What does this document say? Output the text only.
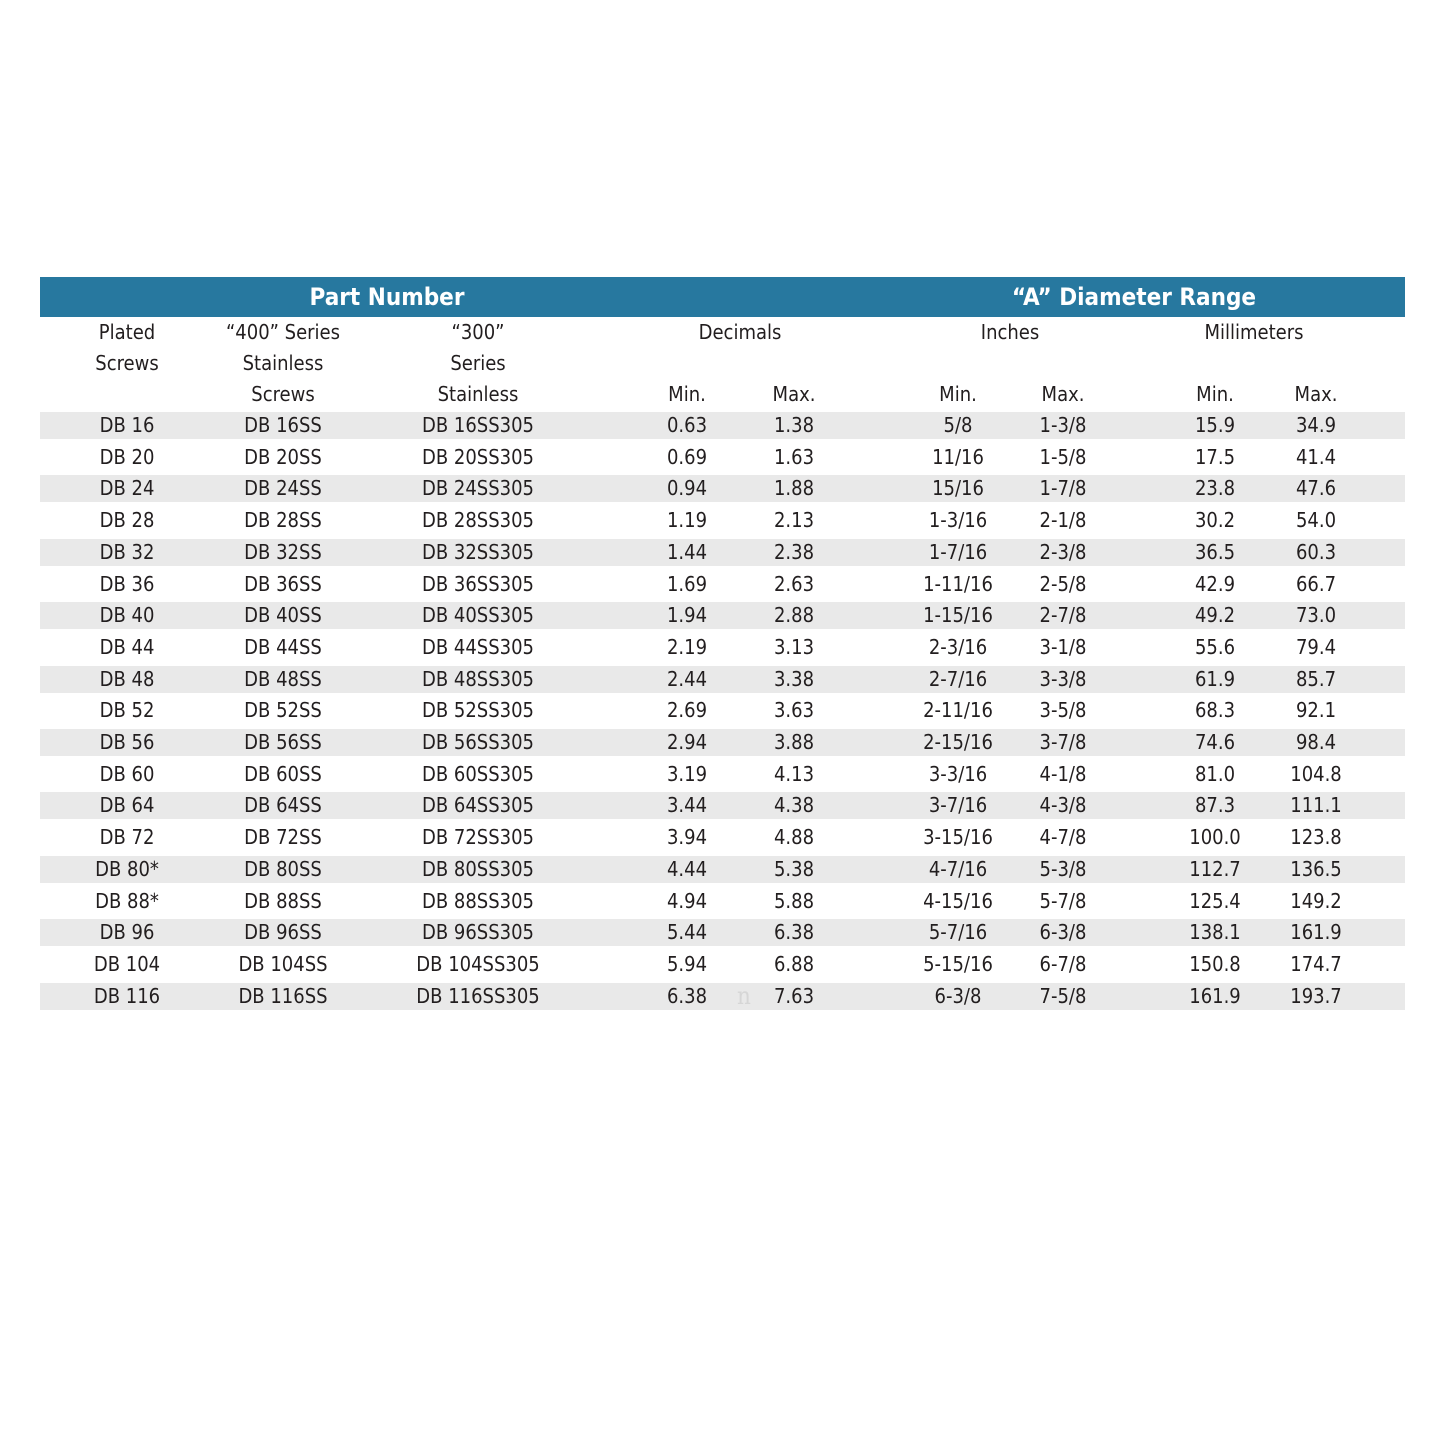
Part Number	“A” Diameter Range
Plated	“400” Series	“300”	Decimals	Inches	Millimeters
Screws	Stainless	Series
Screws	Stainless	Min.	Max.	Min.	Max.	Min.	Max.
DB 16	DB 16SS	DB 16SS305	0.63	1.38	5/8	1-3/8	15.9	34.9
DB 20	DB 20SS	DB 20SS305	0.69	1.63	11/16	1-5/8	17.5	41.4
DB 24	DB 24SS	DB 24SS305	0.94	1.88	15/16	1-7/8	23.8	47.6
DB 28	DB 28SS	DB 28SS305	1.19	2.13	1-3/16	2-1/8	30.2	54.0
DB 32	DB 32SS	DB 32SS305	1.44	2.38	1-7/16	2-3/8	36.5	60.3
DB 36	DB 36SS	DB 36SS305	1.69	2.63	1-11/16 2-5/8	42.9	66.7
DB 40	DB 40SS	DB 40SS305	1.94	2.88	1-15/16 2-7/8	49.2	73.0
DB 44	DB 44SS	DB 44SS305	2.19	3.13	2-3/16	3-1/8	55.6	79.4
DB 48	DB 48SS	DB 48SS305	2.44	3.38	2-7/16	3-3/8	61.9	85.7
DB 52	DB 52SS	DB 52SS305	2.69	3.63	2-11/16 3-5/8	68.3	92.1
DB 56	DB 56SS	DB 56SS305	2.94	3.88	2-15/16 3-7/8	74.6	98.4
DB 60	DB 60SS	DB 60SS305	3.19	4.13	3-3/16	4-1/8	81.0	104.8
DB 64	DB 64SS	DB 64SS305	3.44	4.38	3-7/16	4-3/8	87.3	111.1
DB 72	DB 72SS	DB 72SS305	3.94	4.88	3-15/16 4-7/8	100.0 123.8
DB 80*	DB 80SS	DB 80SS305	4.44	5.38	4-7/16	5-3/8	112.7 136.5
DB 88*	DB 88SS	DB 88SS305	4.94	5.88	4-15/16 5-7/8	125.4 149.2
DB 96	DB 96SS	DB 96SS305	5.44	6.38	5-7/16	6-3/8	138.1 161.9
DB 104	DB 104SS	DB 104SS305	5.94	6.88	5-15/16 6-7/8	150.8 174.7
DB 116	DB 116SS	DB 116SS305	6.38	7.63	6-3/8	7-5/8	161.9 193.7
n
